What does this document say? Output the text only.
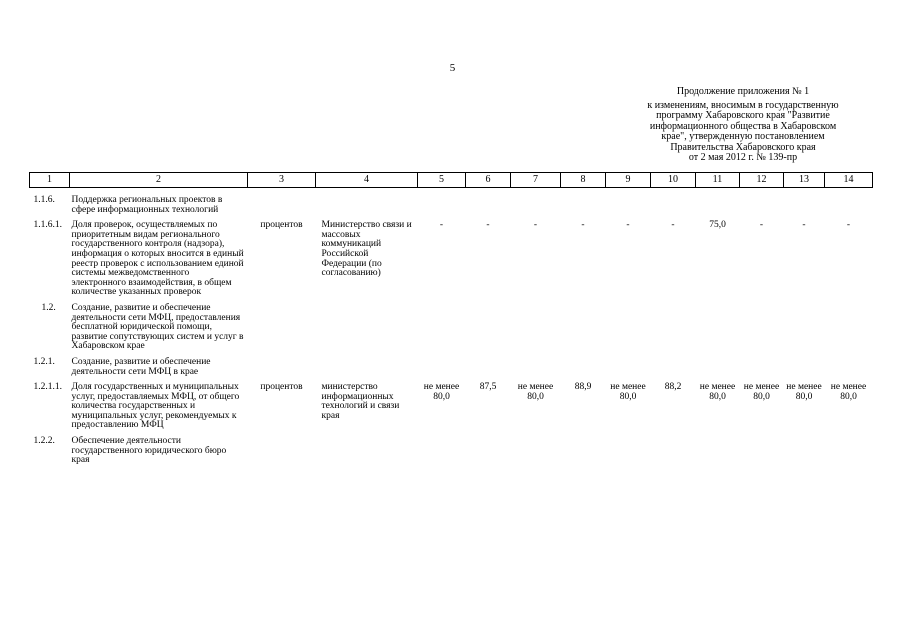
5
Продолжение приложения № 1
к изменениям, вносимым в государственную
программу Хабаровского края "Развитие
информационного общества в Хабаровском
крае", утвержденную постановлением
Правительства Хабаровского края
от 2 мая 2012 г. № 139-пр
1	2	3	4	5	6	7	8	9	10	11	12	13	14
1.1.6.	Поддержка региональных проектов в сфере информационных технологий												
1.1.6.1.	Доля проверок, осуществляемых по приоритетным видам регионального государственного контроля (надзора), информация о которых вносится в единый реестр проверок с использованием единой системы межведомственного электронного взаимодействия, в общем количестве указанных проверок	процентов	Министерство связи и массовых коммуникаций Российской Федерации (по согласованию)	-	-	-	-	-	-	75,0	-	-	-
1.2.	Создание, развитие и обеспечение деятельности сети МФЦ, предоставления бесплатной юридической помощи, развитие сопутствующих систем и услуг в Хабаровском крае												
1.2.1.	Создание, развитие и обеспечение деятельности сети МФЦ в крае												
1.2.1.1.	Доля государственных и муниципальных услуг, предоставляемых МФЦ, от общего количества государственных и муниципальных услуг, рекомендуемых к предоставлению МФЦ	процентов	министерство информационных технологий и связи края	не менее 80,0	87,5	не менее 80,0	88,9	не менее 80,0	88,2	не менее 80,0	не менее 80,0	не менее 80,0	не менее 80,0
1.2.2.	Обеспечение деятельности государственного юридического бюро края												
